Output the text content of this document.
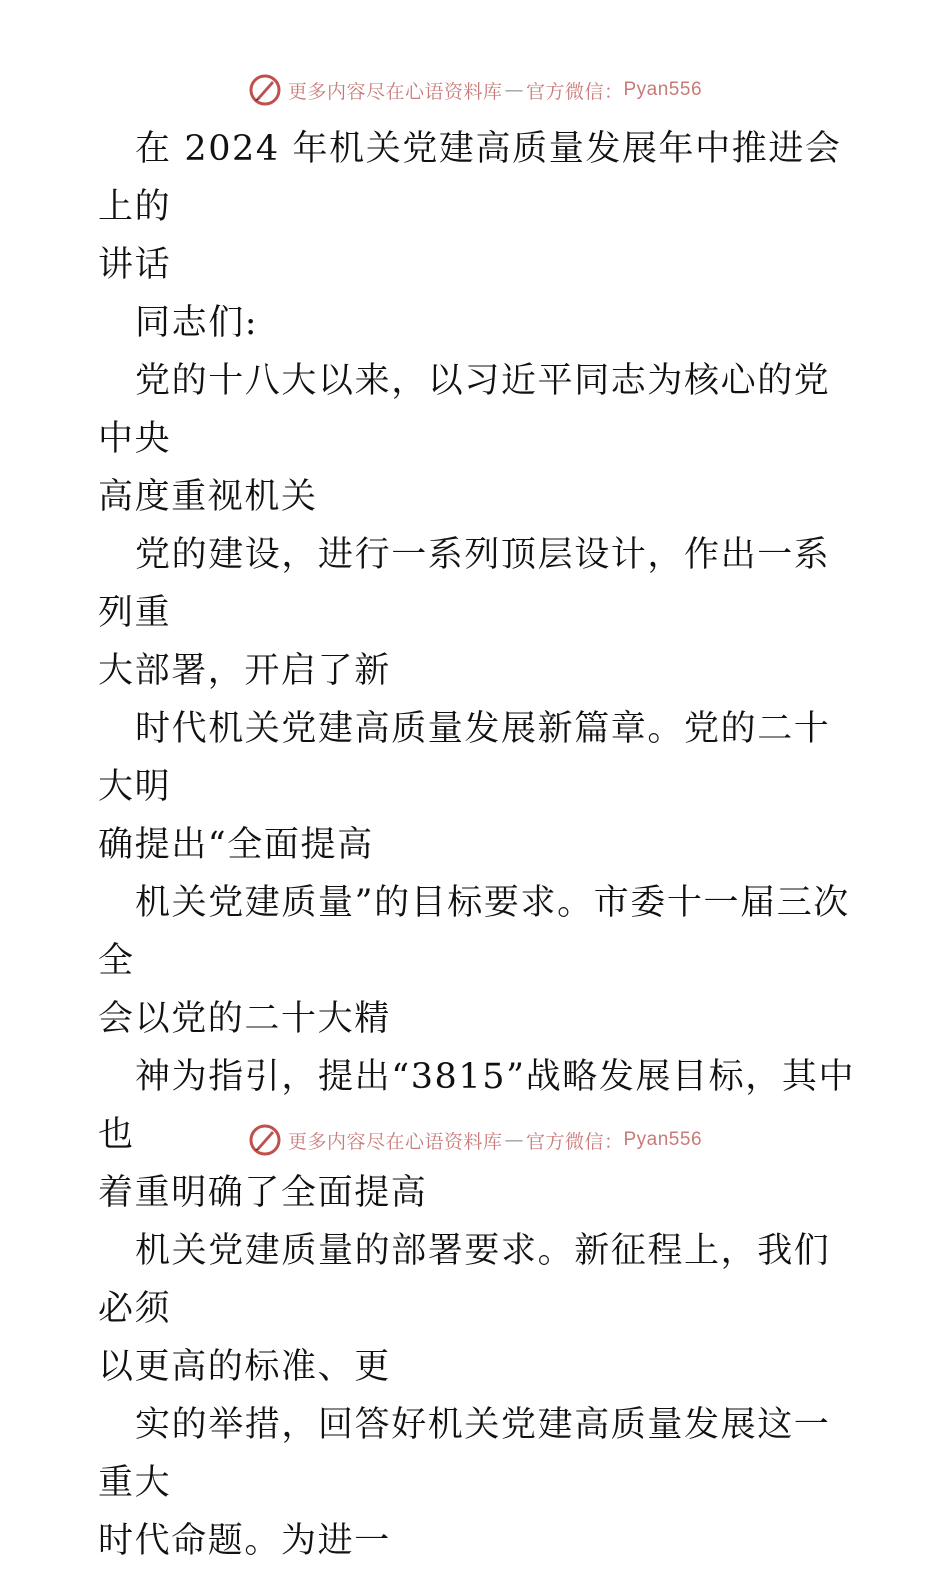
更多内容尽在心语资料库 — 官方微信： Pyan556

在 2024 年机关党建高质量发展年中推进会上的
讲话

同志们:

党的十八大以来，以习近平同志为核心的党中央
高度重视机关

党的建设，进行一系列顶层设计，作出一系列重
大部署，开启了新

时代机关党建高质量发展新篇章。党的二十大明
确提出“全面提高

机关党建质量”的目标要求。市委十一届三次全
会以党的二十大精

神为指引，提出“3815”战略发展目标，其中也
着重明确了全面提高

机关党建质量的部署要求。新征程上，我们必须
以更高的标准、更

实的举措，回答好机关党建高质量发展这一重大
时代命题。为进一

更多内容尽在心语资料库 — 官方微信： Pyan556
